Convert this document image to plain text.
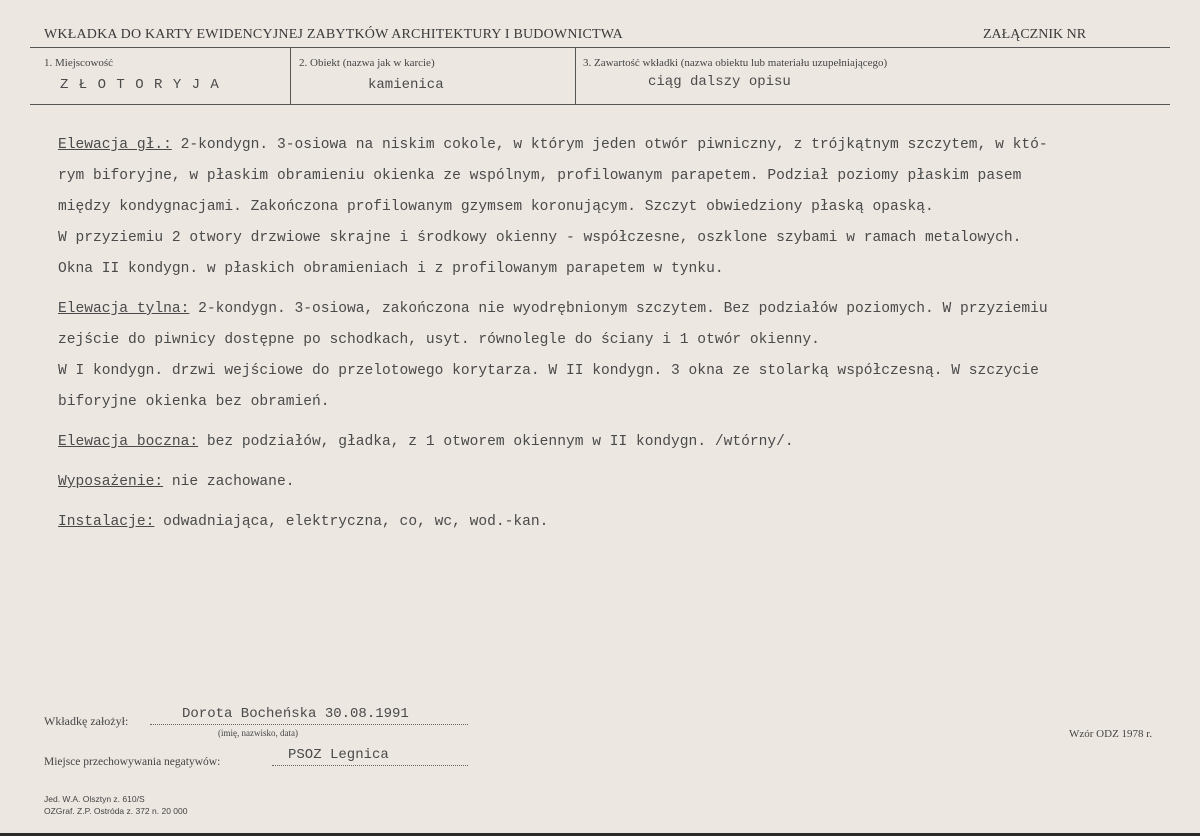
WKŁADKA DO KARTY EWIDENCYJNEJ ZABYTKÓW ARCHITEKTURY I BUDOWNICTWA	ZAŁĄCZNIK NR
1. Miejscowość
Z Ł O T O R Y J A
2. Obiekt (nazwa jak w karcie)
kamienica
3. Zawartość wkładki (nazwa obiektu lub materiału uzupełniającego)
ciąg dalszy opisu
Elewacja gł.: 2-kondygn. 3-osiowa na niskim cokole, w którym jeden otwór piwniczny, z trójkątnym szczytem, w któ-
rym biforyjne, w płaskim obramieniu okienka ze wspólnym, profilowanym parapetem. Podział poziomy płaskim pasem
między kondygnacjami. Zakończona profilowanym gzymsem koronującym. Szczyt obwiedziony płaską opaską.
W przyziemiu 2 otwory drzwiowe skrajne i środkowy okienny - współczesne, oszklone szybami w ramach metalowych.
Okna II kondygn. w płaskich obramieniach i z profilowanym parapetem w tynku.
Elewacja tylna: 2-kondygn. 3-osiowa, zakończona nie wyodrębnionym szczytem. Bez podziałów poziomych. W przyziemiu
zejście do piwnicy dostępne po schodkach, usyt. równolegle do ściany i 1 otwór okienny.
W I kondygn. drzwi wejściowe do przelotowego korytarza. W II kondygn. 3 okna ze stolarką współczesną. W szczycie
biforyjne okienka bez obramień.
Elewacja boczna: bez podziałów, gładka, z 1 otworem okiennym w II kondygn. /wtórny/.
Wyposażenie: nie zachowane.
Instalacje: odwadniająca, elektryczna, co, wc, wod.-kan.
Wkładkę założył:	Dorota Bocheńska 30.08.1991
(imię, nazwisko, data)
Miejsce przechowywania negatywów:	PSOZ Legnica
Wzór ODZ 1978 r.
Jed. W.A. Olsztyn z. 610/S
OZGraf. Z.P. Ostróda z. 372 n. 20 000
